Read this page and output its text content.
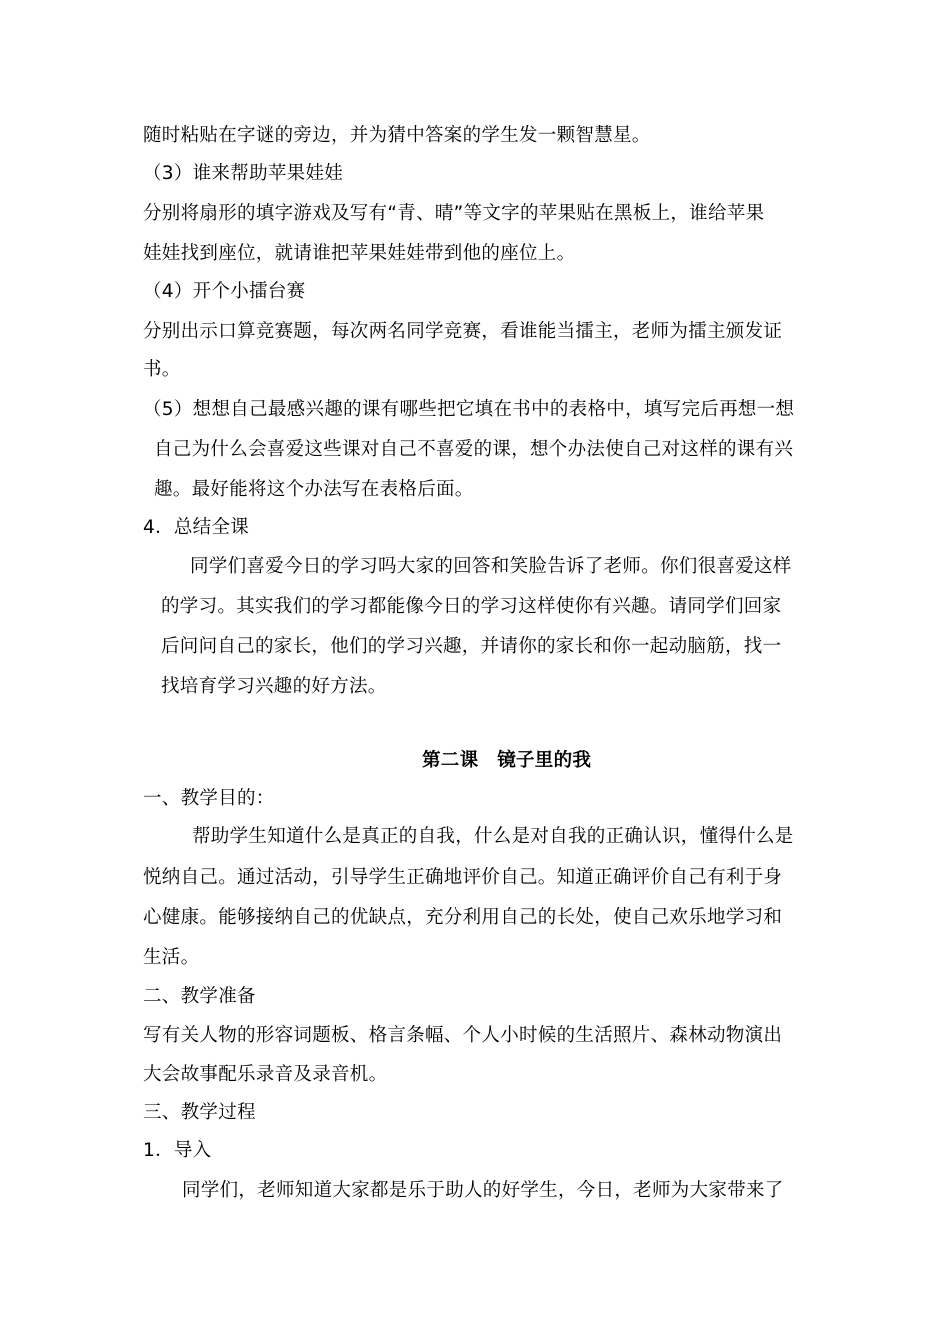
随时粘贴在字谜的旁边，并为猜中答案的学生发一颗智慧星。
（3）谁来帮助苹果娃娃
分别将扇形的填字游戏及写有“青、晴”等文字的苹果贴在黑板上，谁给苹果
娃娃找到座位，就请谁把苹果娃娃带到他的座位上。
（4）开个小擂台赛
分别出示口算竞赛题，每次两名同学竞赛，看谁能当擂主，老师为擂主颁发证
书。
（5）想想自己最感兴趣的课有哪些把它填在书中的表格中，填写完后再想一想
自己为什么会喜爱这些课对自己不喜爱的课，想个办法使自己对这样的课有兴
趣。最好能将这个办法写在表格后面。
4．总结全课
同学们喜爱今日的学习吗大家的回答和笑脸告诉了老师。你们很喜爱这样
的学习。其实我们的学习都能像今日的学习这样使你有兴趣。请同学们回家
后问问自己的家长，他们的学习兴趣，并请你的家长和你一起动脑筋，找一
找培育学习兴趣的好方法。
第二课　镜子里的我
一、教学目的：
帮助学生知道什么是真正的自我，什么是对自我的正确认识，懂得什么是
悦纳自己。通过活动，引导学生正确地评价自己。知道正确评价自己有利于身
心健康。能够接纳自己的优缺点，充分利用自己的长处，使自己欢乐地学习和
生活。
二、教学准备
写有关人物的形容词题板、格言条幅、个人小时候的生活照片、森林动物演出
大会故事配乐录音及录音机。
三、教学过程
1．导入
同学们，老师知道大家都是乐于助人的好学生，今日，老师为大家带来了
